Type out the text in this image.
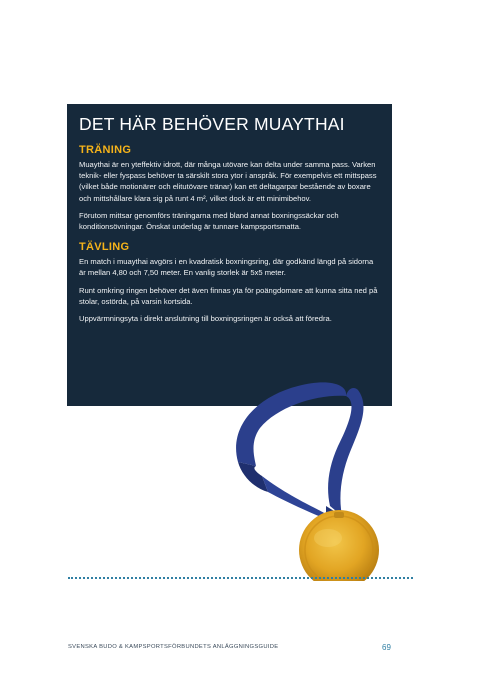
DET HÄR BEHÖVER MUAYTHAI
TRÄNING

Muaythai är en yteffektiv idrott, där många utövare kan delta under samma pass. Varken teknik- eller fyspass behöver ta särskilt stora ytor i anspråk. För exempelvis ett mittspass (vilket både motionärer och elitutövare tränar) kan ett deltagarpar bestående av boxare och mittshållare klara sig på runt 4 m², vilket dock är ett minimibehov.

Förutom mittsar genomförs träningarna med bland annat boxningssäckar och konditionsövningar. Önskat underlag är tunnare kampsportsmatta.

TÄVLING

En match i muaythai avgörs i en kvadratisk boxningsring, där godkänd längd på sidorna är mellan 4,80 och 7,50 meter. En vanlig storlek är 5x5 meter.

Runt omkring ringen behöver det även finnas yta för poängdomare att kunna sitta ned på stolar, ostörda, på varsin kortsida.

Uppvärmningsyta i direkt anslutning till boxningsringen är också att föredra.

SVENSKA BUDO & KAMPSPORTSFÖRBUNDETS ANLÄGGNINGSGUIDE	69
